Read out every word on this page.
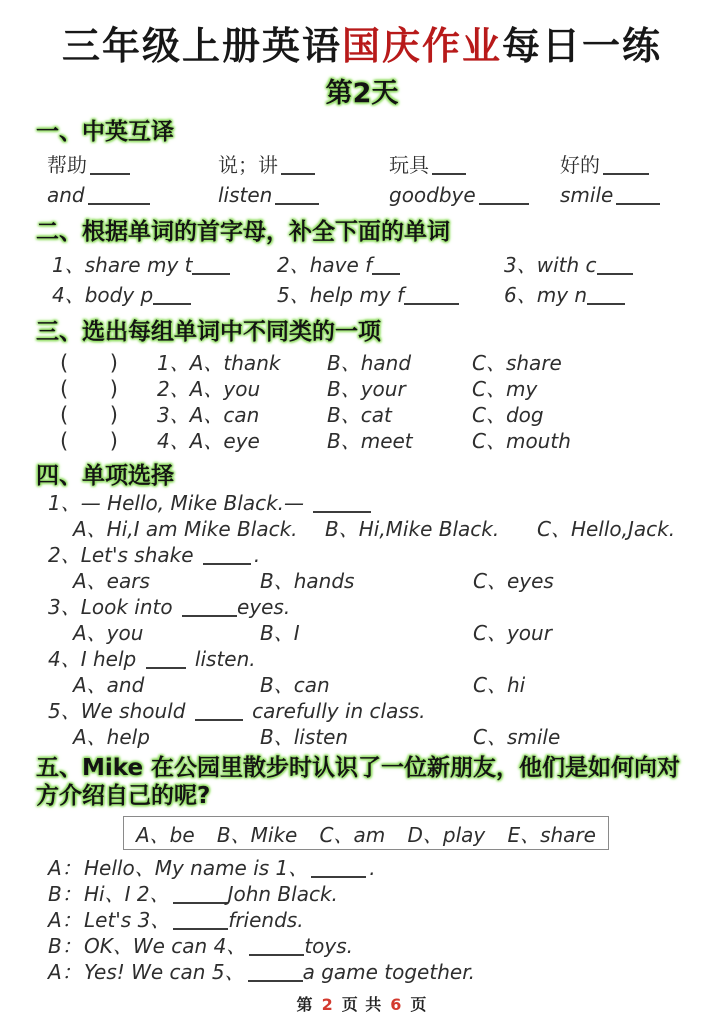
三年级上册英语国庆作业每日一练
第2天
一、中英互译
帮助	说；讲	玩具	好的
and	listen	goodbye	smile
二、根据单词的首字母，补全下面的单词
1、share my t	2、have f	3、with c
4、body p	5、help my f	6、my n
三、选出每组单词中不同类的一项
( ) 1、A、thank	B、hand	C、share
( ) 2、A、you	B、your	C、my
( ) 3、A、can	B、cat	C、dog
( ) 4、A、eye	B、meet	C、mouth
四、单项选择
1、— Hello, Mike Black.—
A、Hi,I am Mike Black.	B、Hi,Mike Black.	C、Hello,Jack.
2、Let's shake	.
A、ears	B、hands	C、eyes
3、Look into	eyes.
A、you	B、I	C、your
4、I help  listen.
A、and	B、can	C、hi
5、We should	carefully in class.
A、help	B、listen	C、smile
五、Mike 在公园里散步时认识了一位新朋友，他们是如何向对方介绍自己的呢?
A、be B、Mike C、am D、play E、share
A： Hello、My name is 1、	.
B： Hi、I 2、	John Black.
A： Let's 3、	friends.
B： OK、We can 4、	toys.
A： Yes! We can 5、	a game together.
第 2 页 共 6 页
